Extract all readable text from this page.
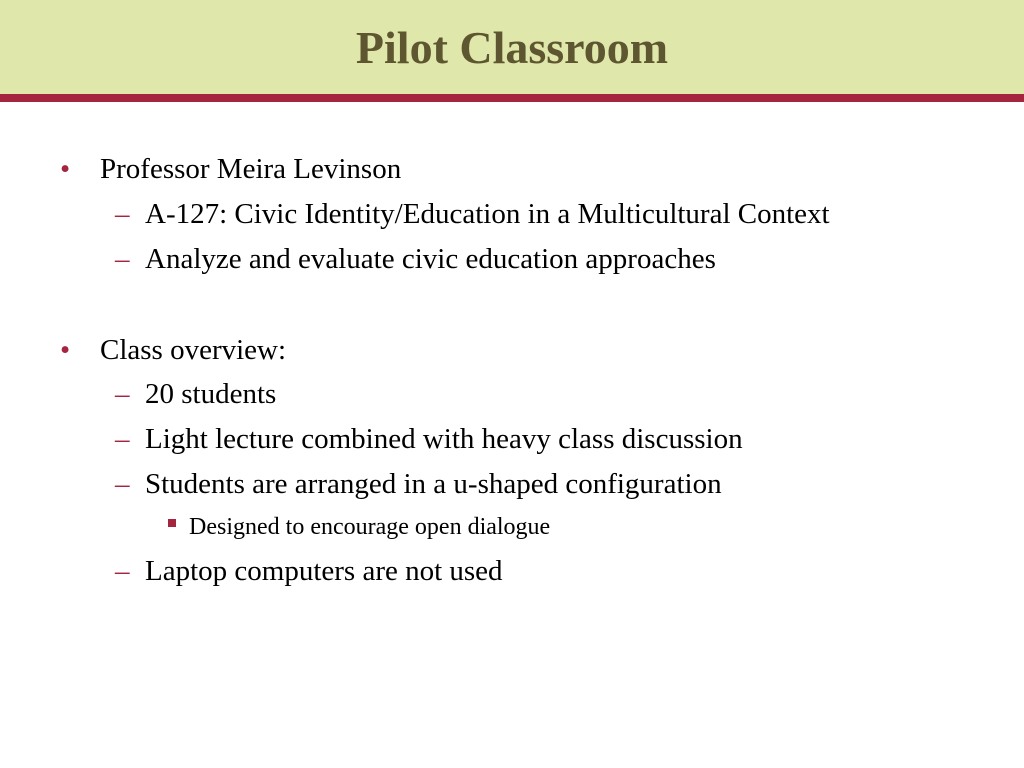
Pilot Classroom
• Professor Meira Levinson
– A-127: Civic Identity/Education in a Multicultural Context
– Analyze and evaluate civic education approaches
• Class overview:
– 20 students
– Light lecture combined with heavy class discussion
– Students are arranged in a u-shaped configuration
Designed to encourage open dialogue
– Laptop computers are not used
